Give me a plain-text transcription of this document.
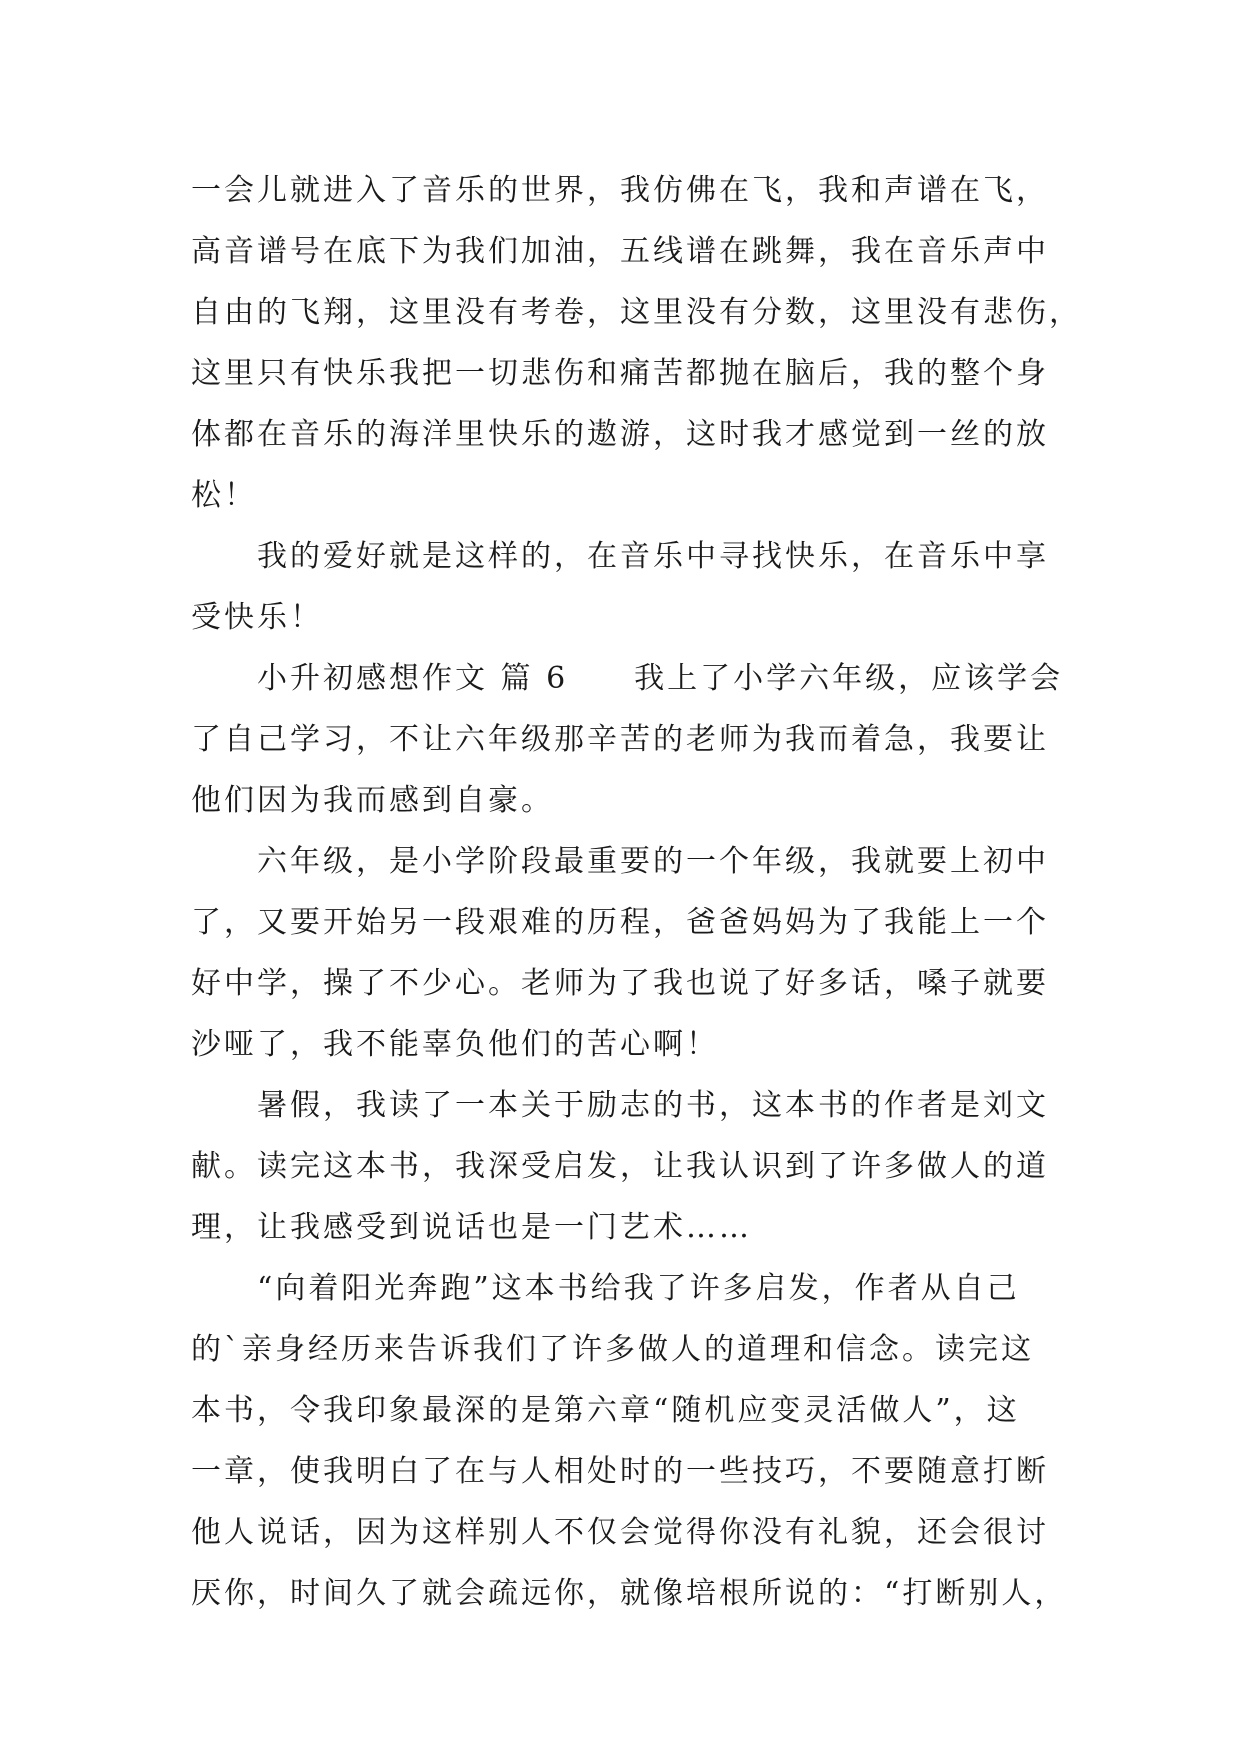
一会儿就进入了音乐的世界，我仿佛在飞，我和声谱在飞，
高音谱号在底下为我们加油，五线谱在跳舞，我在音乐声中
自由的飞翔，这里没有考卷，这里没有分数，这里没有悲伤，
这里只有快乐我把一切悲伤和痛苦都抛在脑后，我的整个身
体都在音乐的海洋里快乐的遨游，这时我才感觉到一丝的放
松！
　　我的爱好就是这样的，在音乐中寻找快乐，在音乐中享
受快乐！
　　小升初感想作文 篇 6　　我上了小学六年级，应该学会
了自己学习，不让六年级那辛苦的老师为我而着急，我要让
他们因为我而感到自豪。
　　六年级，是小学阶段最重要的一个年级，我就要上初中
了，又要开始另一段艰难的历程，爸爸妈妈为了我能上一个
好中学，操了不少心。老师为了我也说了好多话，嗓子就要
沙哑了，我不能辜负他们的苦心啊！
　　暑假，我读了一本关于励志的书，这本书的作者是刘文
献。读完这本书，我深受启发，让我认识到了许多做人的道
理，让我感受到说话也是一门艺术……
　　“向着阳光奔跑”这本书给我了许多启发，作者从自己
的`亲身经历来告诉我们了许多做人的道理和信念。读完这
本书，令我印象最深的是第六章“随机应变灵活做人”，这
一章，使我明白了在与人相处时的一些技巧，不要随意打断
他人说话，因为这样别人不仅会觉得你没有礼貌，还会很讨
厌你，时间久了就会疏远你，就像培根所说的：“打断别人，
